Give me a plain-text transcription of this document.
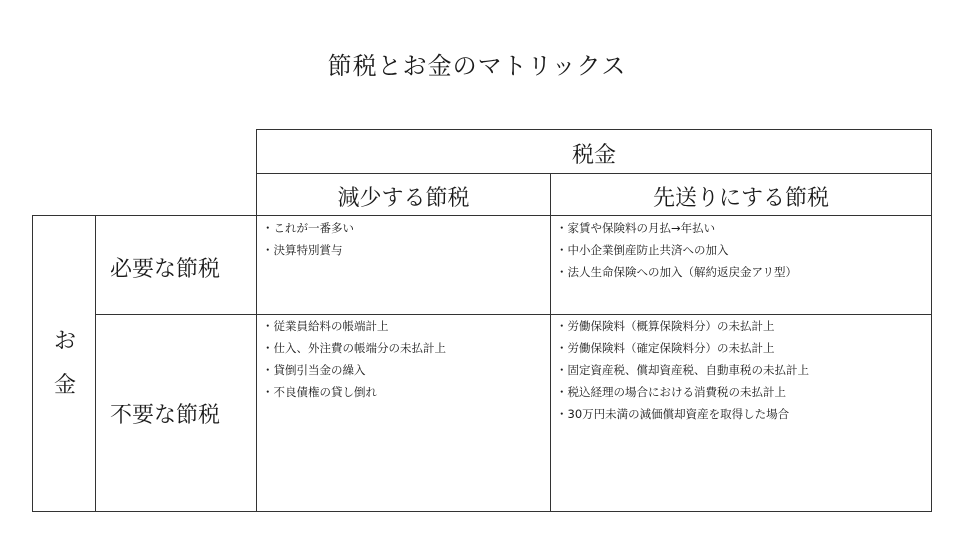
節税とお金のマトリックス
税金
減少する節税	先送りにする節税
お
金
必要な節税
不要な節税
・ これが一番多い
・ 決算特別賞与
・ 家賃や保険料の月払→年払い
・ 中小企業倒産防止共済への加入
・ 法人生命保険への加入（解約返戻金アリ型）
・ 従業員給料の帳端計上
・ 仕入、外注費の帳端分の未払計上
・ 貸倒引当金の繰入
・ 不良債権の貸し倒れ
・ 労働保険料（概算保険料分）の未払計上
・ 労働保険料（確定保険料分）の未払計上
・ 固定資産税、償却資産税、自動車税の未払計上
・ 税込経理の場合における消費税の未払計上
・ 30万円未満の減価償却資産を取得した場合
